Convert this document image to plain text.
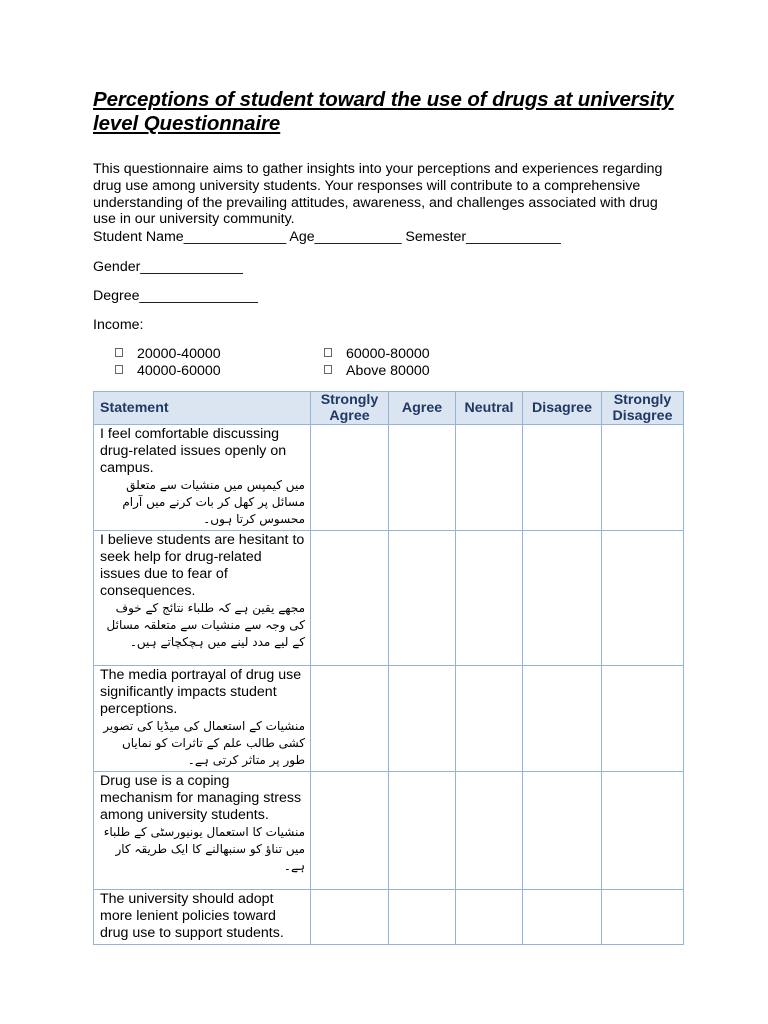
Perceptions of student toward the use of drugs at university level Questionnaire
This questionnaire aims to gather insights into your perceptions and experiences regarding drug use among university students. Your responses will contribute to a comprehensive understanding of the prevailing attitudes, awareness, and challenges associated with drug use in our university community.
Student Name_____________ Age___________ Semester____________
Gender_____________
Degree_______________
Income:
20000-40000
40000-60000
60000-80000
Above 80000
Statement	Strongly Agree	Agree	Neutral	Disagree	Strongly Disagree

I feel comfortable discussing drug-related issues openly on campus.
میں کیمپس میں منشیات سے متعلق مسائل پر کھل کر بات کرنے میں آرام محسوس کرتا ہوں۔					

I believe students are hesitant to seek help for drug-related issues due to fear of consequences.
مجھے یقین ہے کہ طلباء نتائج کے خوف کی وجہ سے منشیات سے متعلقہ مسائل کے لیے مدد لینے میں ہچکچاتے ہیں۔					

The media portrayal of drug use significantly impacts student perceptions.
منشیات کے استعمال کی میڈیا کی تصویر کشی طالب علم کے تاثرات کو نمایاں طور پر متاثر کرتی ہے۔					

Drug use is a coping mechanism for managing stress among university students.
منشیات کا استعمال یونیورسٹی کے طلباء میں تناؤ کو سنبھالنے کا ایک طریقہ کار ہے۔					

The university should adopt more lenient policies toward drug use to support students.					
